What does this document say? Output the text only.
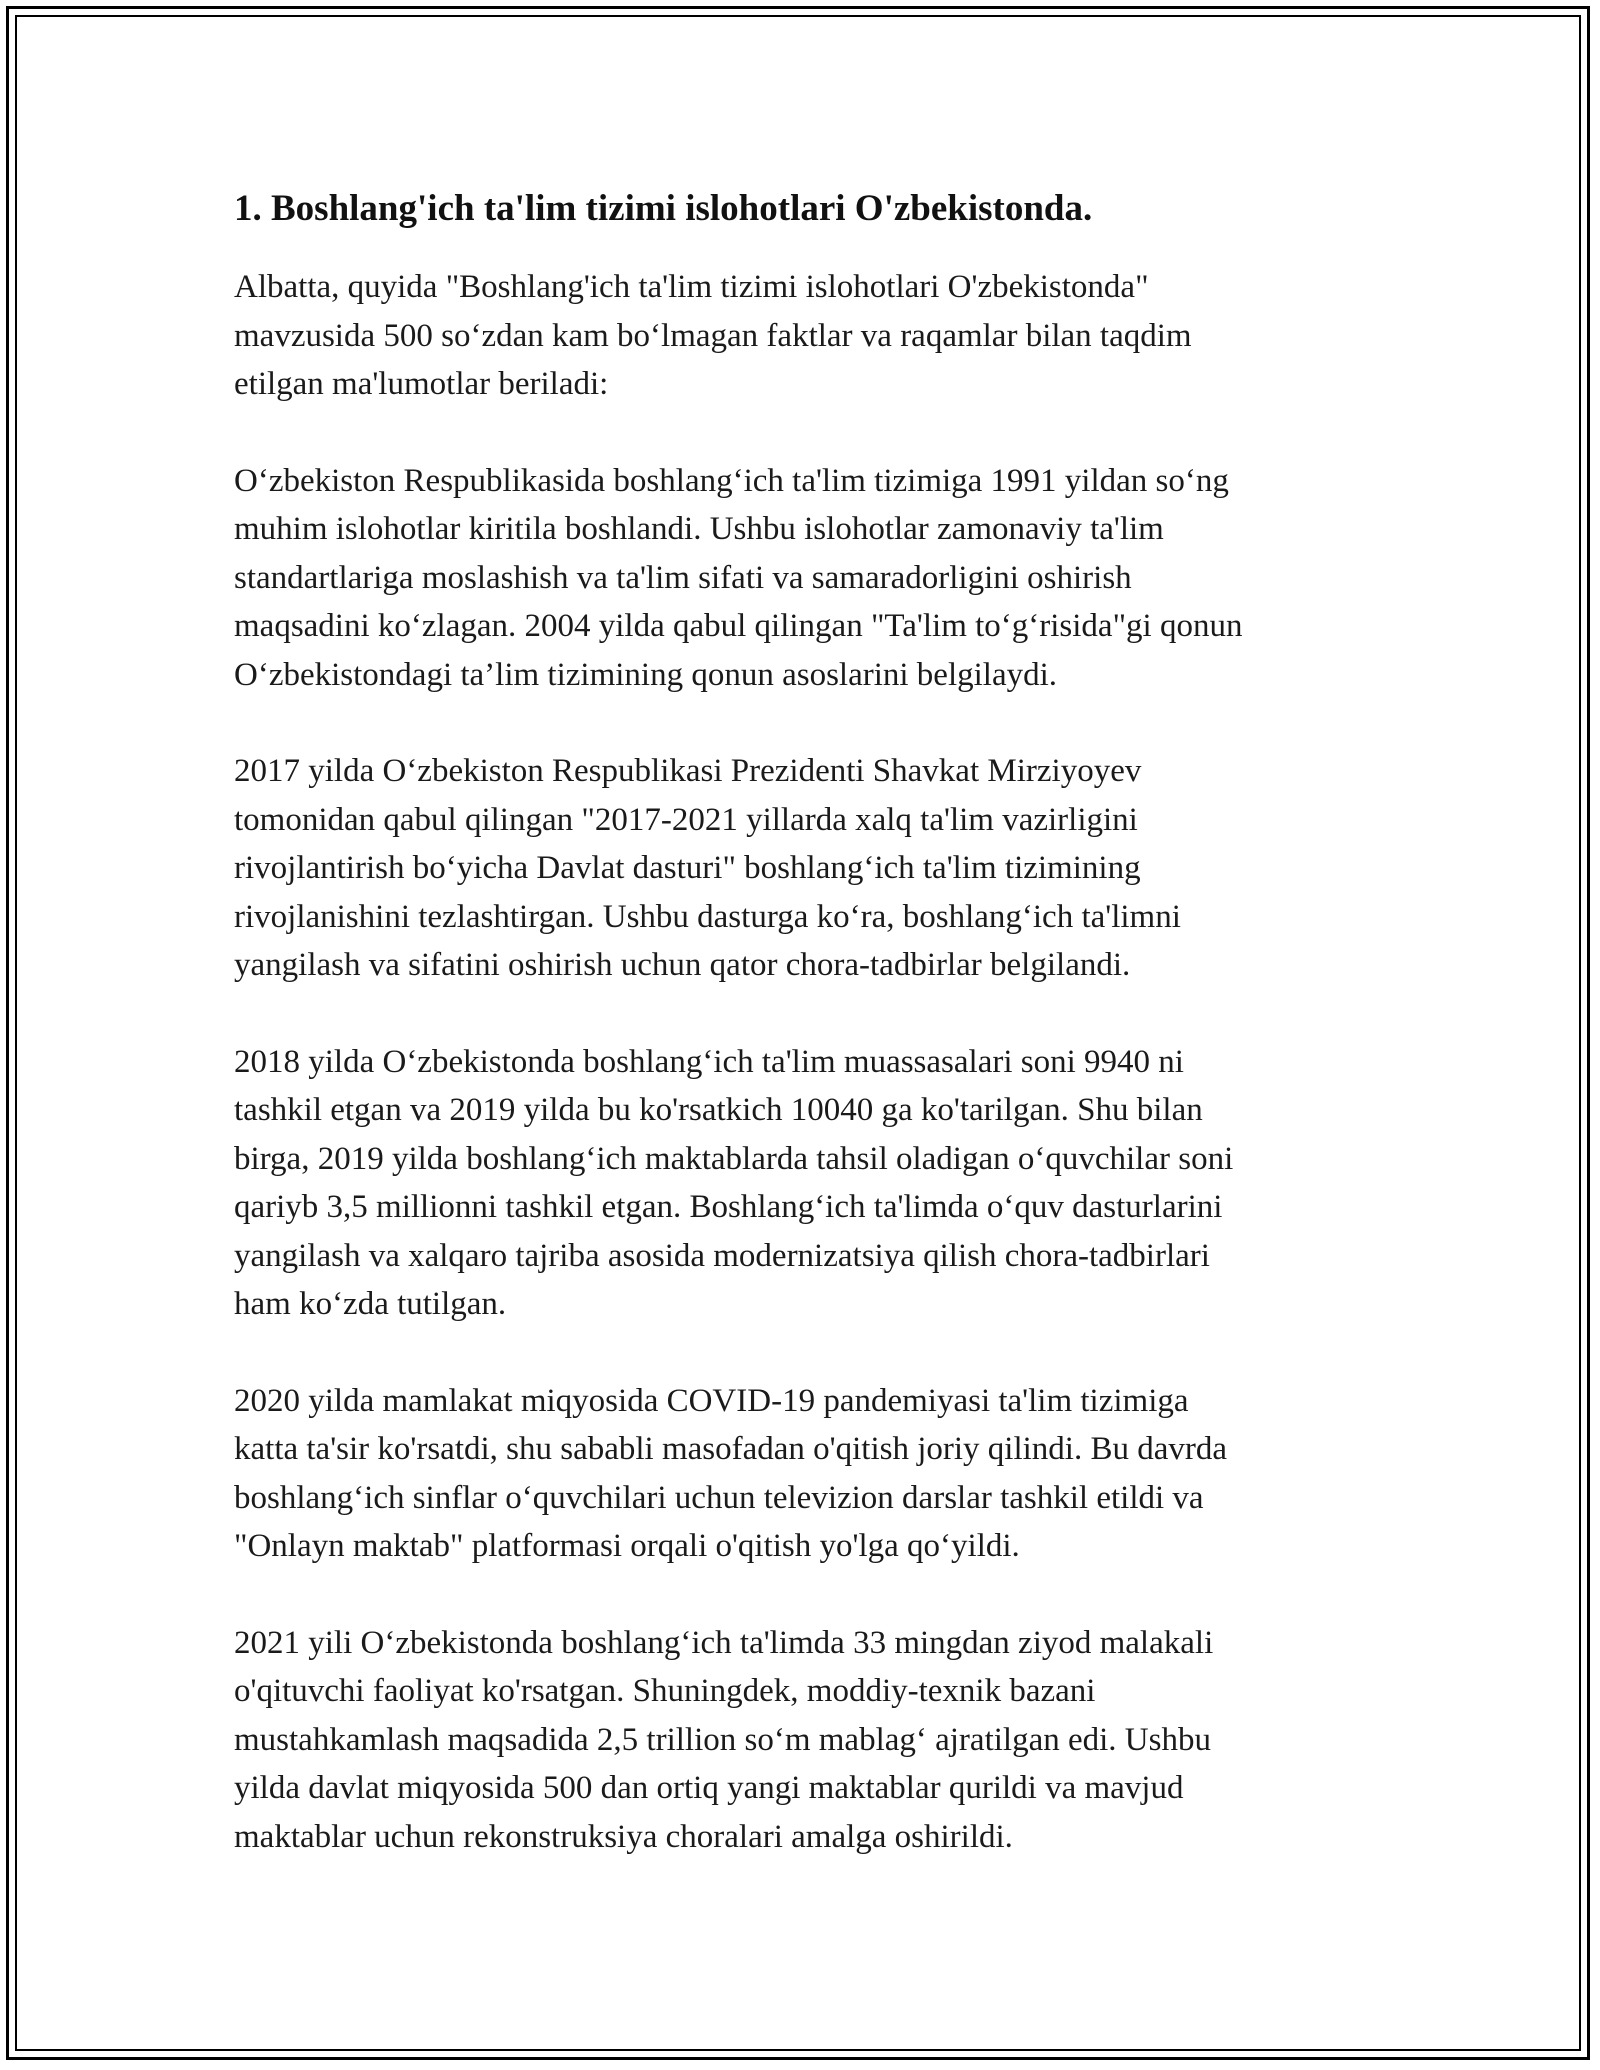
1. Boshlang'ich ta'lim tizimi islohotlari O'zbekistonda.

Albatta, quyida "Boshlang'ich ta'lim tizimi islohotlari O'zbekistonda"
mavzusida 500 so‘zdan kam bo‘lmagan faktlar va raqamlar bilan taqdim
etilgan ma'lumotlar beriladi:

O‘zbekiston Respublikasida boshlang‘ich ta'lim tizimiga 1991 yildan so‘ng
muhim islohotlar kiritila boshlandi. Ushbu islohotlar zamonaviy ta'lim
standartlariga moslashish va ta'lim sifati va samaradorligini oshirish
maqsadini ko‘zlagan. 2004 yilda qabul qilingan "Ta'lim to‘g‘risida"gi qonun
O‘zbekistondagi ta’lim tizimining qonun asoslarini belgilaydi.

2017 yilda O‘zbekiston Respublikasi Prezidenti Shavkat Mirziyoyev
tomonidan qabul qilingan "2017-2021 yillarda xalq ta'lim vazirligini
rivojlantirish bo‘yicha Davlat dasturi" boshlang‘ich ta'lim tizimining
rivojlanishini tezlashtirgan. Ushbu dasturga ko‘ra, boshlang‘ich ta'limni
yangilash va sifatini oshirish uchun qator chora-tadbirlar belgilandi.

2018 yilda O‘zbekistonda boshlang‘ich ta'lim muassasalari soni 9940 ni
tashkil etgan va 2019 yilda bu ko'rsatkich 10040 ga ko'tarilgan. Shu bilan
birga, 2019 yilda boshlang‘ich maktablarda tahsil oladigan o‘quvchilar soni
qariyb 3,5 millionni tashkil etgan. Boshlang‘ich ta'limda o‘quv dasturlarini
yangilash va xalqaro tajriba asosida modernizatsiya qilish chora-tadbirlari
ham ko‘zda tutilgan.

2020 yilda mamlakat miqyosida COVID-19 pandemiyasi ta'lim tizimiga
katta ta'sir ko'rsatdi, shu sababli masofadan o'qitish joriy qilindi. Bu davrda
boshlang‘ich sinflar o‘quvchilari uchun televizion darslar tashkil etildi va
"Onlayn maktab" platformasi orqali o'qitish yo'lga qo‘yildi.

2021 yili O‘zbekistonda boshlang‘ich ta'limda 33 mingdan ziyod malakali
o'qituvchi faoliyat ko'rsatgan. Shuningdek, moddiy-texnik bazani
mustahkamlash maqsadida 2,5 trillion so‘m mablag‘ ajratilgan edi. Ushbu
yilda davlat miqyosida 500 dan ortiq yangi maktablar qurildi va mavjud
maktablar uchun rekonstruksiya choralari amalga oshirildi.
